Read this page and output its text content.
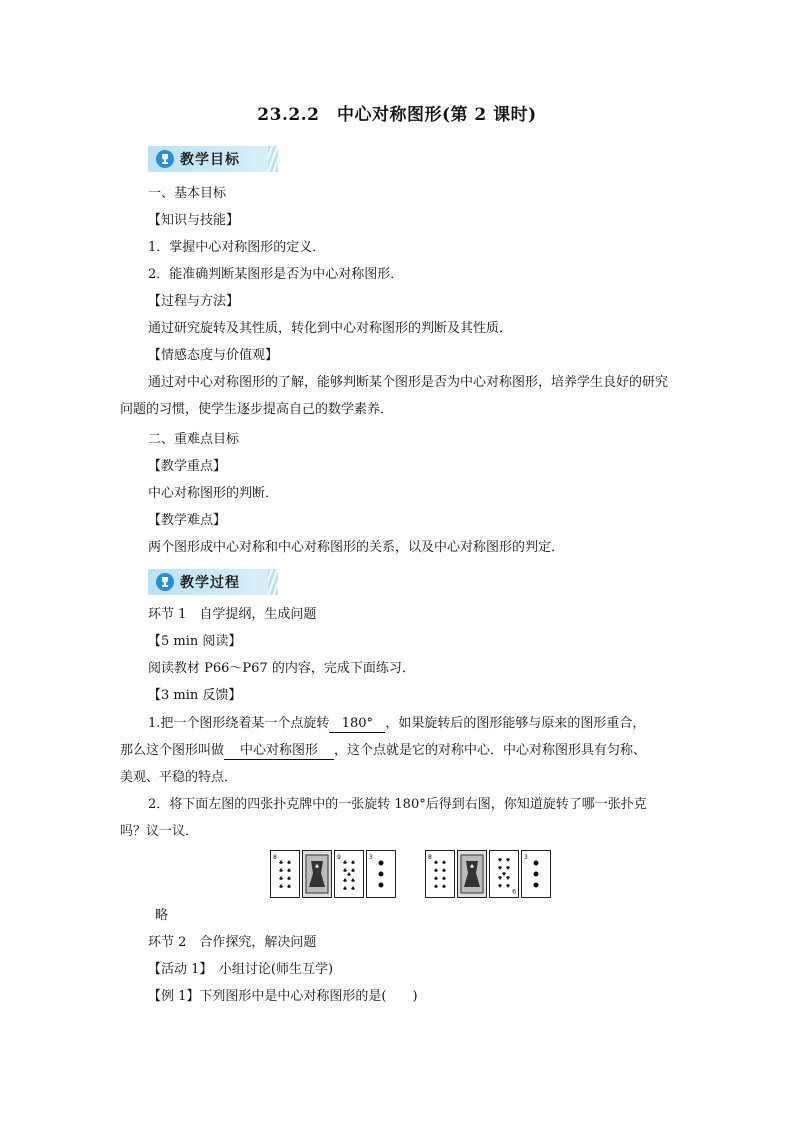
23.2.2　中心对称图形(第 2 课时)
教学目标
一、基本目标
【知识与技能】
1．掌握中心对称图形的定义．
2．能准确判断某图形是否为中心对称图形．
【过程与方法】
通过研究旋转及其性质，转化到中心对称图形的判断及其性质．
【情感态度与价值观】
通过对中心对称图形的了解，能够判断某个图形是否为中心对称图形，培养学生良好的研究问题的习惯，使学生逐步提高自己的数学素养．
二、重难点目标
【教学重点】
中心对称图形的判断．
【教学难点】
两个图形成中心对称和中心对称图形的关系，以及中心对称图形的判定．
教学过程
环节 1　自学提纲，生成问题
【5 min 阅读】
阅读教材 P66～P67 的内容，完成下面练习．
【3 min 反馈】
1.把一个图形绕着某一个点旋转 180° ，如果旋转后的图形能够与原来的图形重合，
那么这个图形叫做 中心对称图形 ，这个点就是它的对称中心．中心对称图形具有匀称、
美观、平稳的特点．
2．将下面左图的四张扑克牌中的一张旋转 180°后得到右图，你知道旋转了哪一张扑克
吗？议一议．
8	9	3	8
9
3
略
环节 2　合作探究，解决问题
【活动 1】　小组讨论(师生互学)
【例 1】下列图形中是中心对称图形的是(　　)
